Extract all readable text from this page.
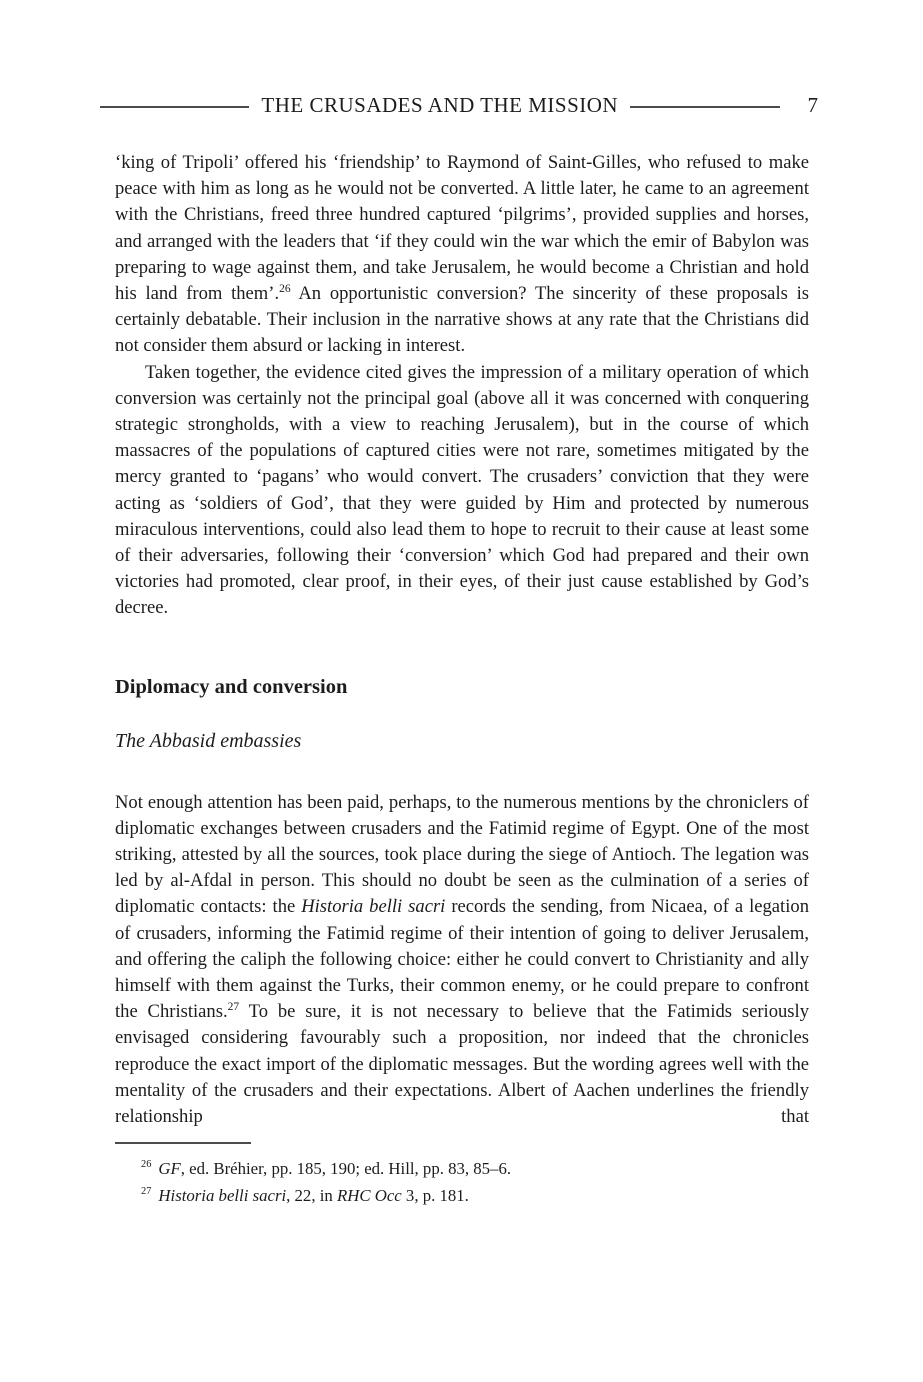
THE CRUSADES AND THE MISSION	7

‘king of Tripoli’ offered his ‘friendship’ to Raymond of Saint-Gilles, who refused to make peace with him as long as he would not be converted. A little later, he came to an agreement with the Christians, freed three hundred captured ‘pilgrims’, provided supplies and horses, and arranged with the leaders that ‘if they could win the war which the emir of Babylon was preparing to wage against them, and take Jerusalem, he would become a Christian and hold his land from them’.$^{26}$ An opportunistic conversion? The sincerity of these proposals is certainly debatable. Their inclusion in the narrative shows at any rate that the Christians did not consider them absurd or lacking in interest.

Taken together, the evidence cited gives the impression of a military operation of which conversion was certainly not the principal goal (above all it was concerned with conquering strategic strongholds, with a view to reaching Jerusalem), but in the course of which massacres of the populations of captured cities were not rare, sometimes mitigated by the mercy granted to ‘pagans’ who would convert. The crusaders’ conviction that they were acting as ‘soldiers of God’, that they were guided by Him and protected by numerous miraculous interventions, could also lead them to hope to recruit to their cause at least some of their adversaries, following their ‘conversion’ which God had prepared and their own victories had promoted, clear proof, in their eyes, of their just cause established by God’s decree.

Diplomacy and conversion
The Abbasid embassies

Not enough attention has been paid, perhaps, to the numerous mentions by the chroniclers of diplomatic exchanges between crusaders and the Fatimid regime of Egypt. One of the most striking, attested by all the sources, took place during the siege of Antioch. The legation was led by al-Afdal in person. This should no doubt be seen as the culmination of a series of diplomatic contacts: the Historia belli sacri records the sending, from Nicaea, of a legation of crusaders, informing the Fatimid regime of their intention of going to deliver Jerusalem, and offering the caliph the following choice: either he could convert to Christianity and ally himself with them against the Turks, their common enemy, or he could prepare to confront the Christians.$^{27}$ To be sure, it is not necessary to believe that the Fatimids seriously envisaged considering favourably such a proposition, nor indeed that the chronicles reproduce the exact import of the diplomatic messages. But the wording agrees well with the mentality of the crusaders and their expectations. Albert of Aachen underlines the friendly relationship that

$^{26}$ GF, ed. Bréhier, pp. 185, 190; ed. Hill, pp. 83, 85–6.

$^{27}$ Historia belli sacri, 22, in RHC Occ 3, p. 181.
